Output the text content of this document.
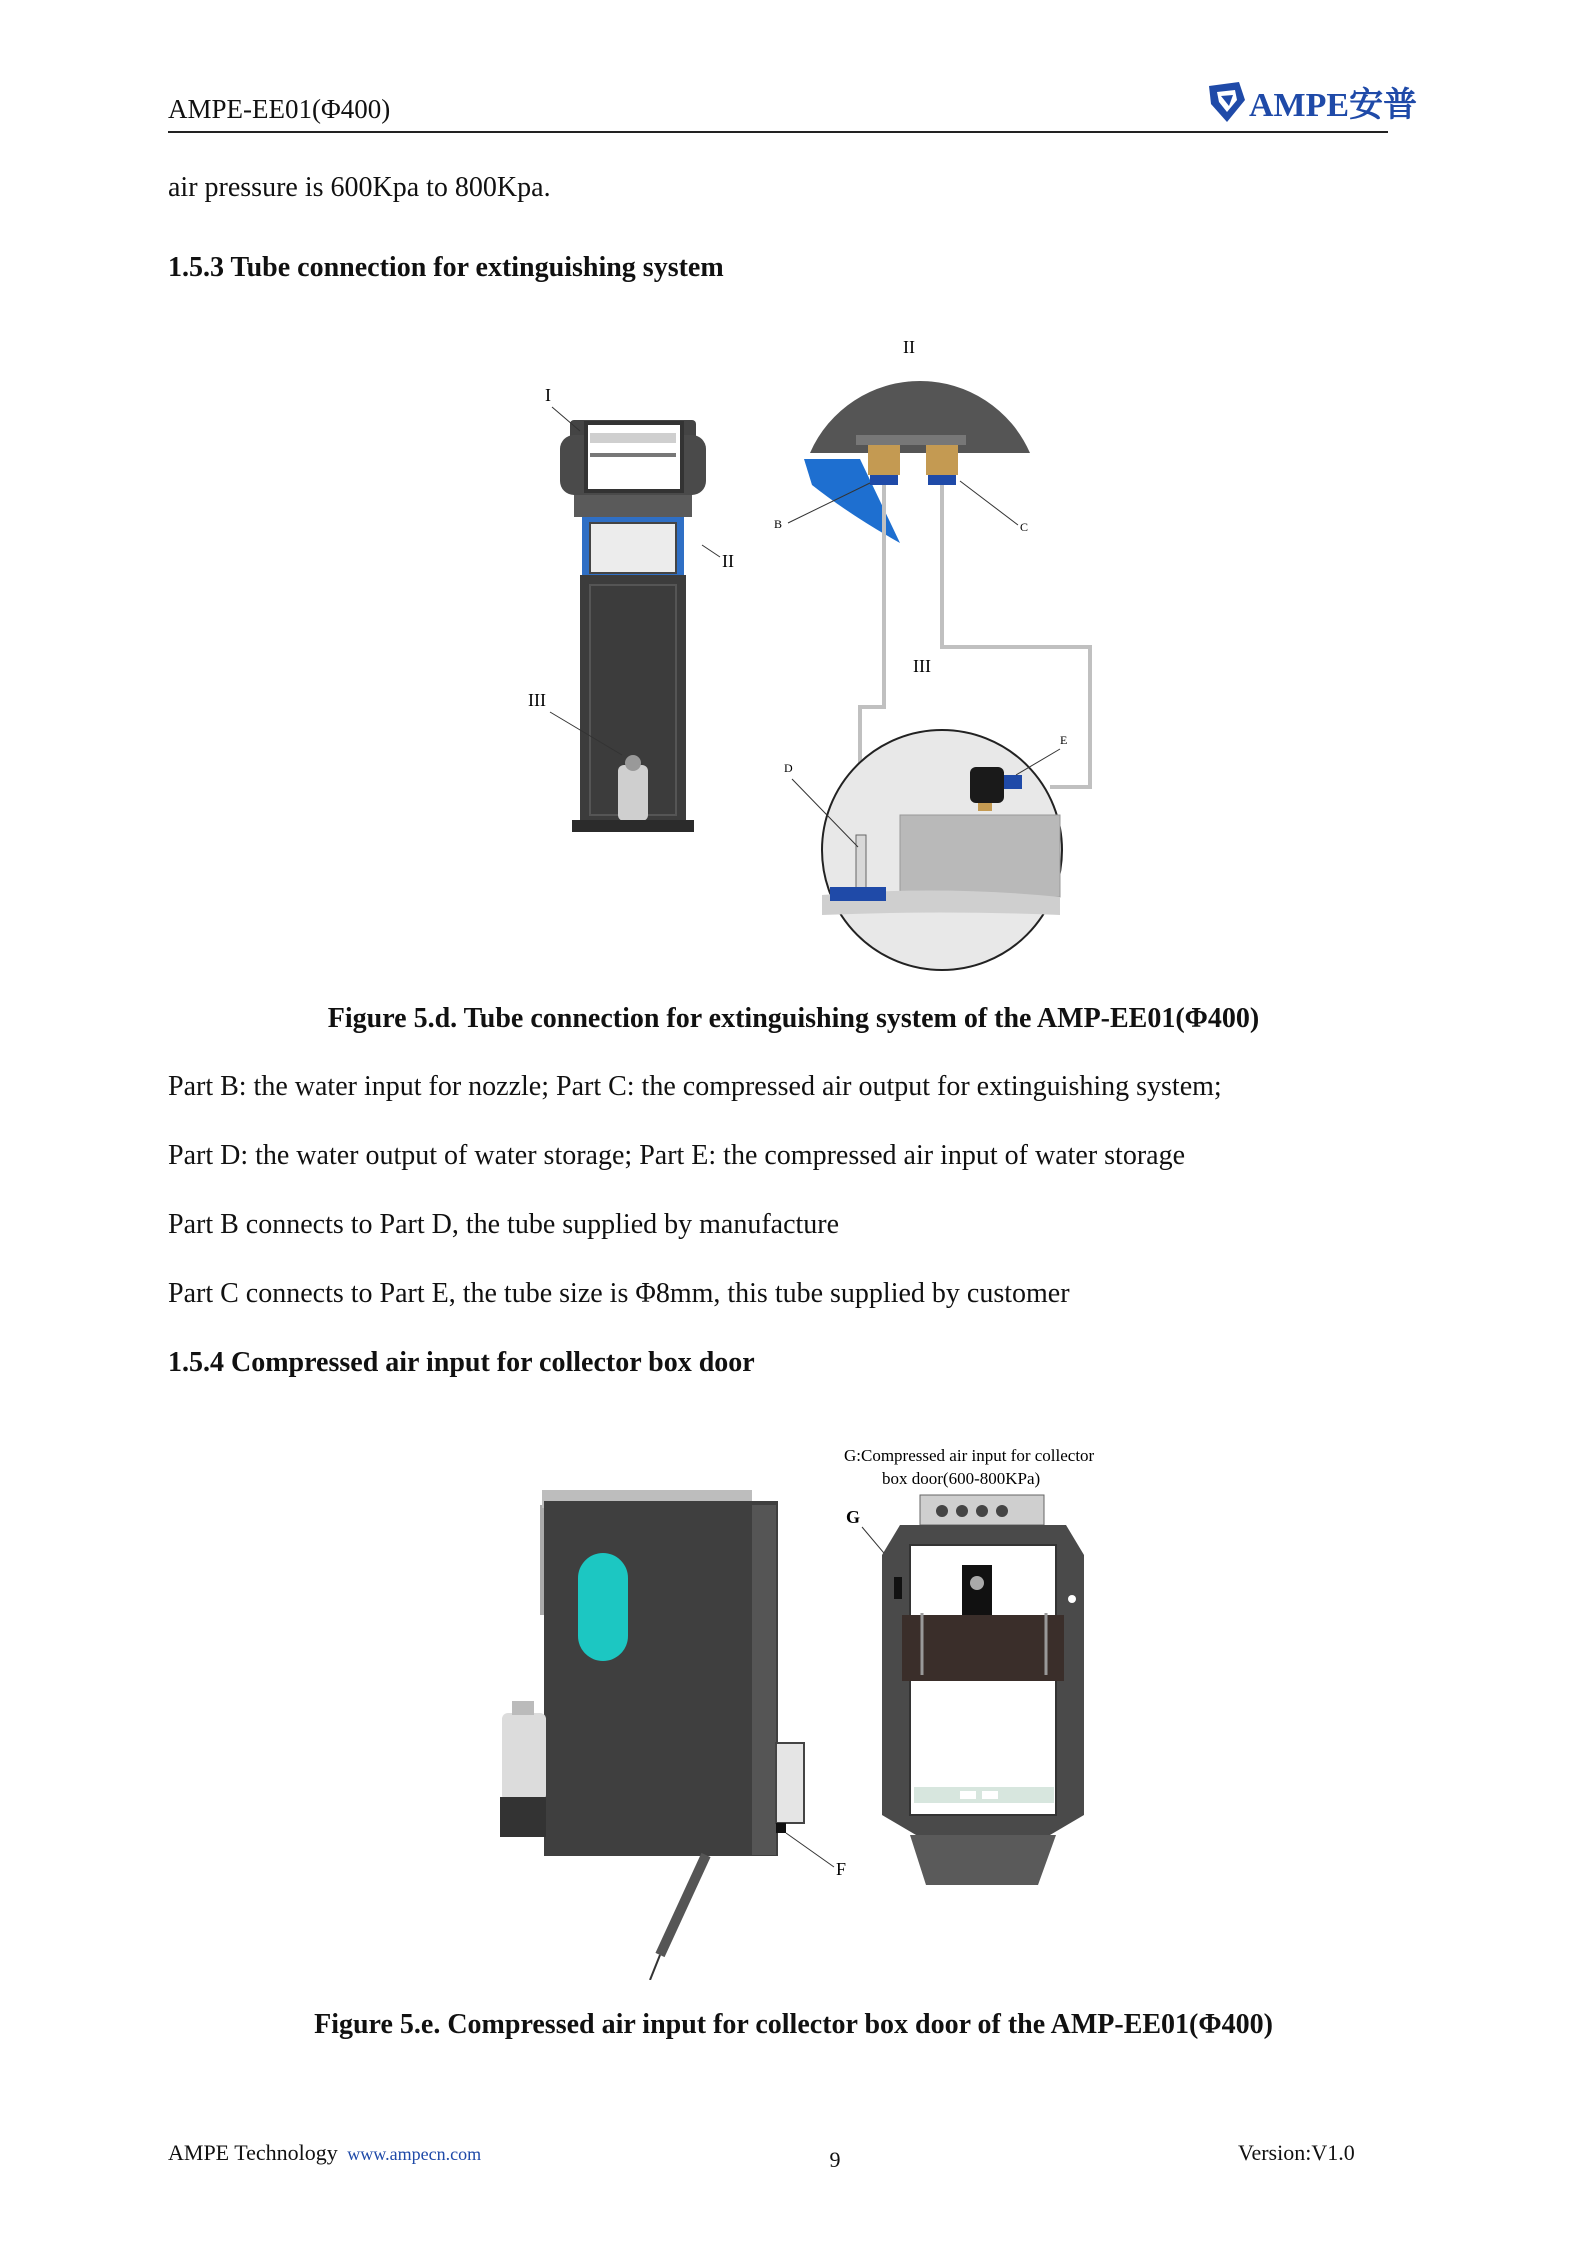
AMPE-EE01(Φ400)	AMPE安普
air pressure is 600Kpa to 800Kpa.
1.5.3 Tube connection for extinguishing system
I
II
III
II
B	C
III
D
E
Figure 5.d. Tube connection for extinguishing system of the AMP-EE01(Φ400)
Part B: the water input for nozzle; Part C: the compressed air output for extinguishing system;
Part D: the water output of water storage; Part E: the compressed air input of water storage
Part B connects to Part D, the tube supplied by manufacture
Part C connects to Part E, the tube size is Φ8mm, this tube supplied by customer
1.5.4 Compressed air input for collector box door
F
G:Compressed air input for collector
box door(600-800KPa)
G
Figure 5.e. Compressed air input for collector box door of the AMP-EE01(Φ400)
AMPE Technology www.ampecn.com	9	Version:V1.0
